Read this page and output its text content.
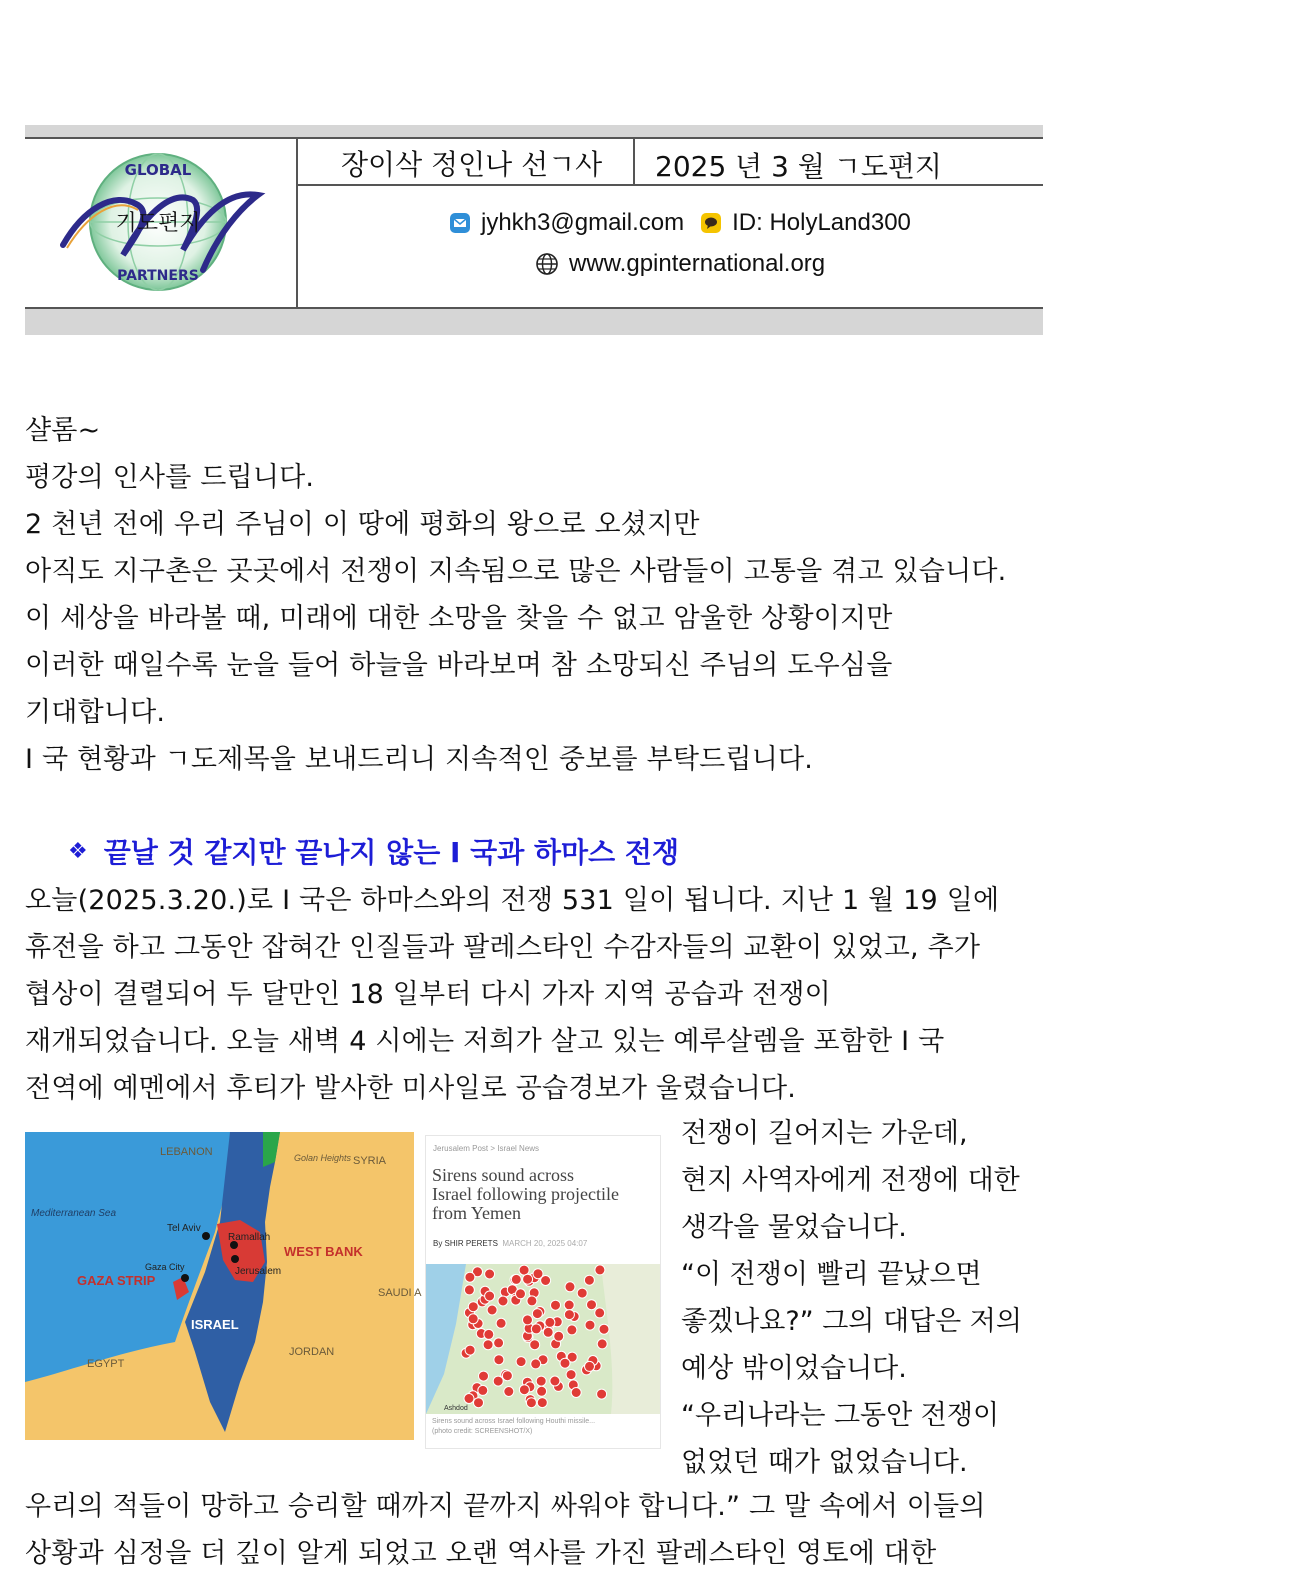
GLOBAL
기도편지
PARTNERS
장이삭 정인나 선ㄱ사 2025 년 3 월 ㄱ도편지
jyhkh3@gmail.com ID: HolyLand300
www.gpinternational.org
샬롬~
평강의 인사를 드립니다.
2 천년 전에 우리 주님이 이 땅에 평화의 왕으로 오셨지만
아직도 지구촌은 곳곳에서 전쟁이 지속됨으로 많은 사람들이 고통을 겪고 있습니다.
이 세상을 바라볼 때, 미래에 대한 소망을 찾을 수 없고 암울한 상황이지만
이러한 때일수록 눈을 들어 하늘을 바라보며 참 소망되신 주님의 도우심을
기대합니다.
I 국 현황과 ㄱ도제목을 보내드리니 지속적인 중보를 부탁드립니다.
❖ 끝날 것 같지만 끝나지 않는 I 국과 하마스 전쟁
오늘(2025.3.20.)로 I 국은 하마스와의 전쟁 531 일이 됩니다. 지난 1 월 19 일에
휴전을 하고 그동안 잡혀간 인질들과 팔레스타인 수감자들의 교환이 있었고, 추가
협상이 결렬되어 두 달만인 18 일부터 다시 가자 지역 공습과 전쟁이
재개되었습니다. 오늘 새벽 4 시에는 저희가 살고 있는 예루살렘을 포함한 I 국
전역에 예멘에서 후티가 발사한 미사일로 공습경보가 울렸습니다.
LEBANON
SYRIA
Golan Heights
Mediterranean Sea
Tel Aviv
Ramallah
WEST BANK
Gaza City	Jerusalem
GAZA STRIP
SAUDI A
ISRAEL
JORDAN
EGYPT
Jerusalem Post > Israel News
Sirens sound across
Israel following projectile
from Yemen
By SHIR PERETS MARCH 20, 2025 04:07
Ashdod
Sirens sound across Israel following Houthi missile...
(photo credit: SCREENSHOT/X)
전쟁이 길어지는 가운데,
현지 사역자에게 전쟁에 대한
생각을 물었습니다.
“이 전쟁이 빨리 끝났으면
좋겠나요?” 그의 대답은 저의
예상 밖이었습니다.
“우리나라는 그동안 전쟁이
없었던 때가 없었습니다.
우리의 적들이 망하고 승리할 때까지 끝까지 싸워야 합니다.” 그 말 속에서 이들의
상황과 심정을 더 깊이 알게 되었고 오랜 역사를 가진 팔레스타인 영토에 대한
